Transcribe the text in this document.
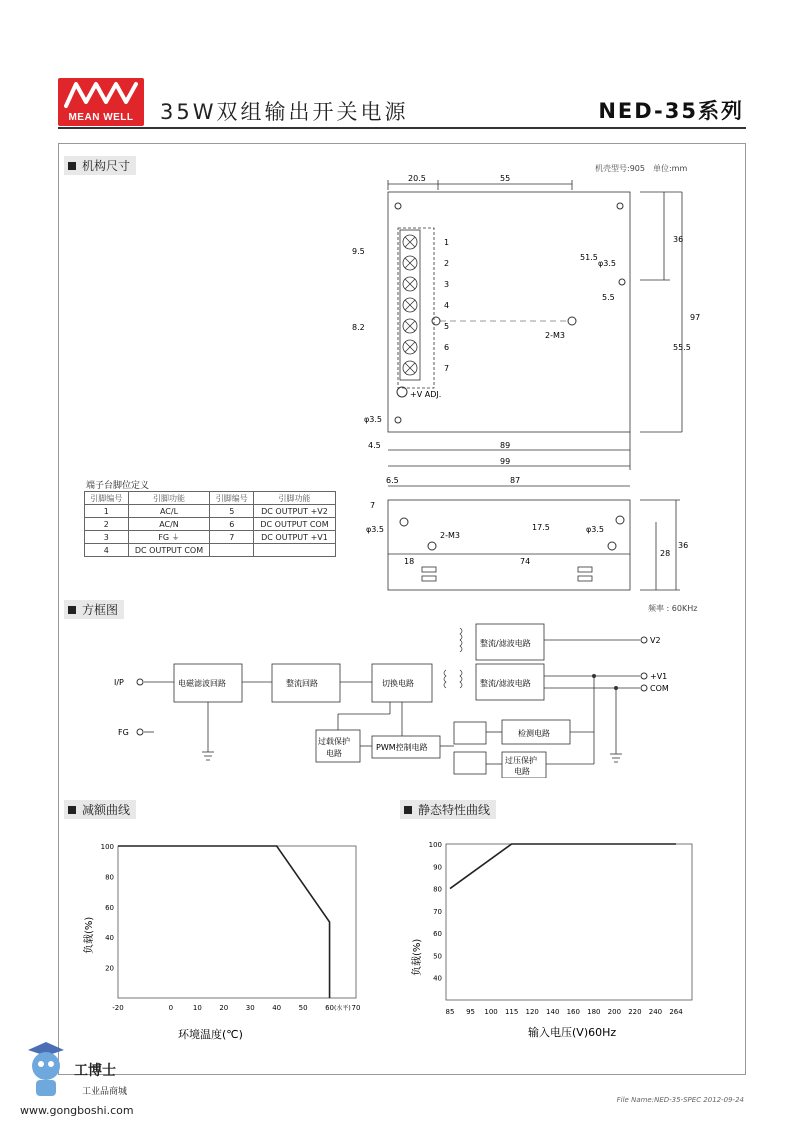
MEAN WELL	35W双组输出开关电源	NED-35系列
机构尺寸	机壳型号:905　单位:mm
20.5	55
36
97
55.5
9.5
8.2
51.5
5.5
φ3.5
2-M3
φ3.5
+V ADJ.
4.5	89
99
1
2
3
4
5
6
7
端子台脚位定义
引脚编号	引脚功能	引脚编号	引脚功能
1	AC/L	5	DC OUTPUT +V2
2	AC/N	6	DC OUTPUT COM
3	FG ⏚	7	DC OUTPUT +V1
4	DC OUTPUT COM		
6.5	87
7
17.5
18	74
28
36
φ3.5
2-M3
φ3.5
方框图	频率 : 60KHz
I/P
FG
电磁滤波回路	整流回路	切换电路
整流/滤波电路
整流/滤波电路
过载保护
电路
PWM控制电路
检测电路
过压保护
电路
V2
+V1
COM
减额曲线
100
80
60
40
20
-20	0	10	20	30	40	50	60	70
(水平)
环境温度(℃)
负载(%)
静态特性曲线
100
90
80
70
60
50
40
85 95 100 115 120 140 160 180 200 220 240 264
输入电压(V)60Hz
负载(%)
工博士
工业品商城
www.gongboshi.com
File Name:NED-35-SPEC 2012-09-24
